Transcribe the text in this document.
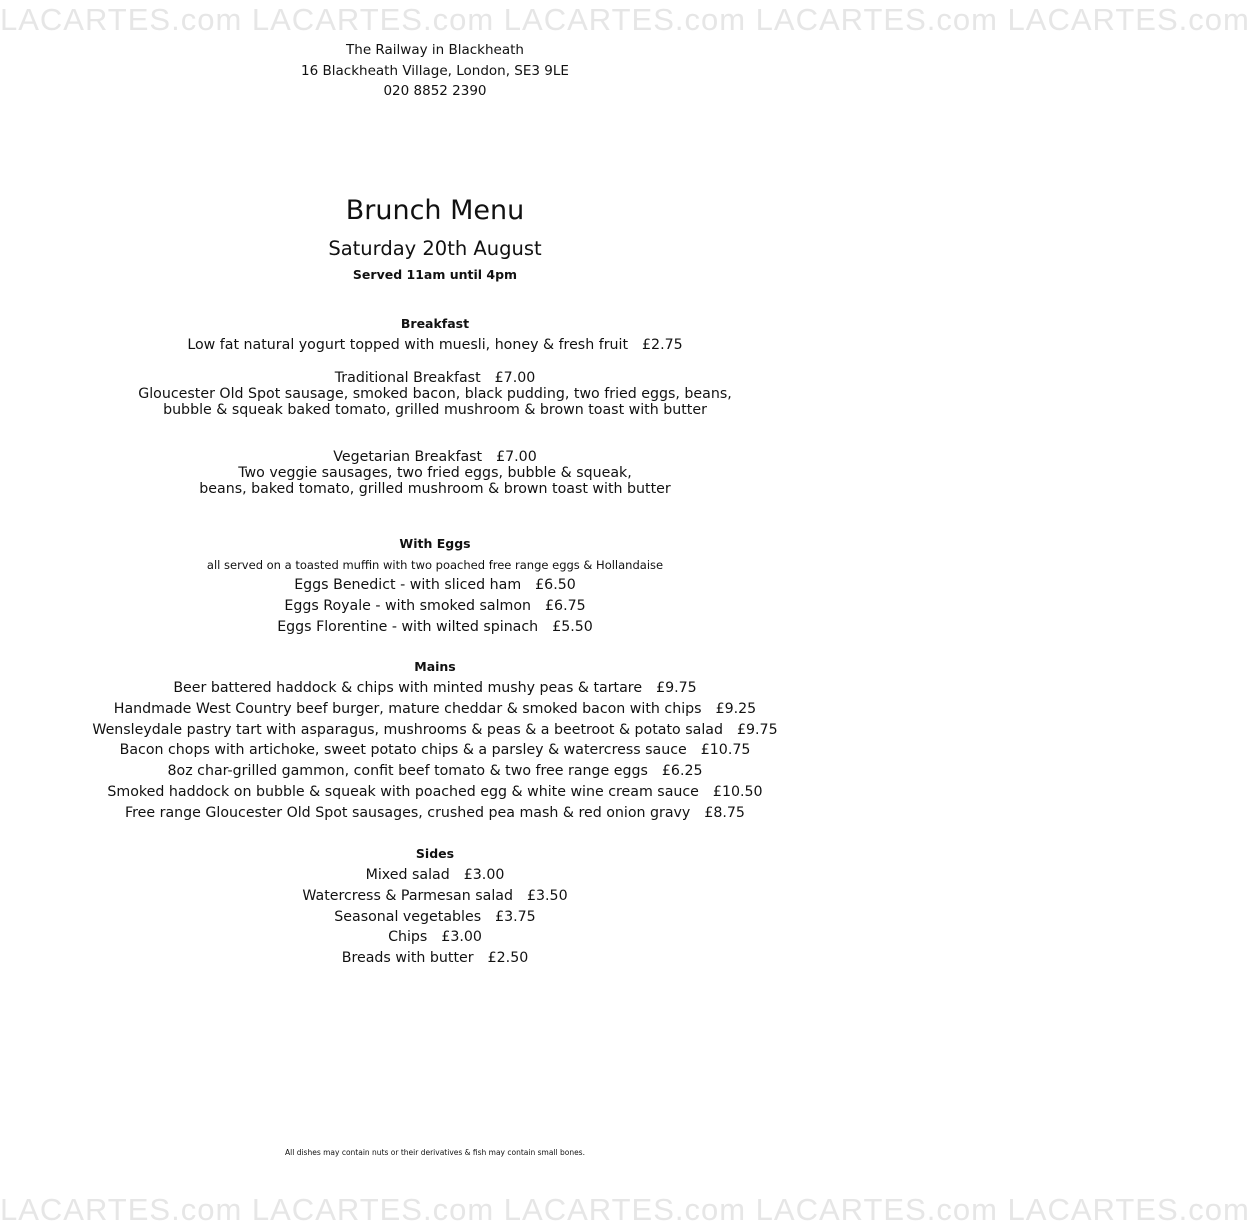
LACARTES.com LACARTES.com LACARTES.com LACARTES.com LACARTES.com
The Railway in Blackheath
16 Blackheath Village, London, SE3 9LE
020 8852 2390
Brunch Menu
Saturday 20th August
Served 11am until 4pm
Breakfast
Low fat natural yogurt topped with muesli, honey & fresh fruit £2.75
Traditional Breakfast £7.00
Gloucester Old Spot sausage, smoked bacon, black pudding, two fried eggs, beans,
bubble & squeak baked tomato, grilled mushroom & brown toast with butter
Vegetarian Breakfast £7.00
Two veggie sausages, two fried eggs, bubble & squeak,
beans, baked tomato, grilled mushroom & brown toast with butter
With Eggs
all served on a toasted muffin with two poached free range eggs & Hollandaise
Eggs Benedict - with sliced ham £6.50
Eggs Royale - with smoked salmon £6.75
Eggs Florentine - with wilted spinach £5.50
Mains
Beer battered haddock & chips with minted mushy peas & tartare £9.75
Handmade West Country beef burger, mature cheddar & smoked bacon with chips £9.25
Wensleydale pastry tart with asparagus, mushrooms & peas & a beetroot & potato salad £9.75
Bacon chops with artichoke, sweet potato chips & a parsley & watercress sauce £10.75
8oz char-grilled gammon, confit beef tomato & two free range eggs £6.25
Smoked haddock on bubble & squeak with poached egg & white wine cream sauce £10.50
Free range Gloucester Old Spot sausages, crushed pea mash & red onion gravy £8.75
Sides
Mixed salad £3.00
Watercress & Parmesan salad £3.50
Seasonal vegetables £3.75
Chips £3.00
Breads with butter £2.50
All dishes may contain nuts or their derivatives & fish may contain small bones.
LACARTES.com LACARTES.com LACARTES.com LACARTES.com LACARTES.com
